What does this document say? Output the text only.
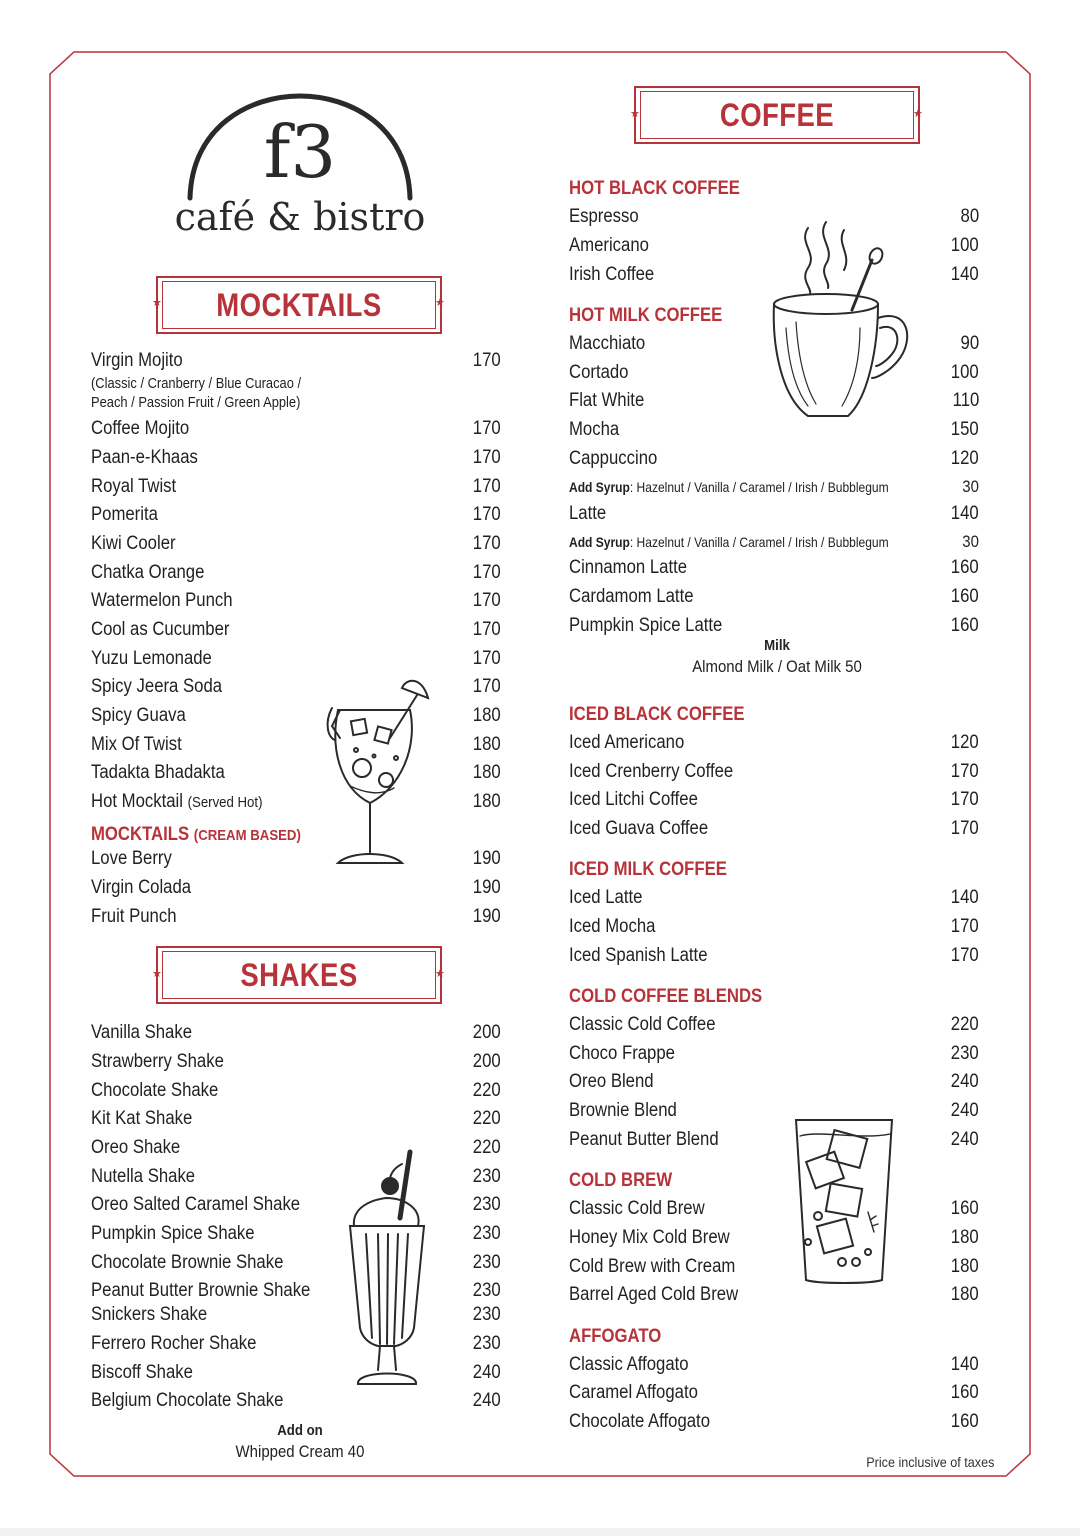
f3
café & bistro
★	★
MOCKTAILS
Virgin Mojito	170
(Classic / Cranberry / Blue Curacao /
Peach / Passion Fruit / Green Apple)
Coffee Mojito	170
Paan-e-Khaas	170
Royal Twist	170
Pomerita	170
Kiwi Cooler	170
Chatka Orange	170
Watermelon Punch	170
Cool as Cucumber	170
Yuzu Lemonade	170
Spicy Jeera Soda	170
Spicy Guava	180
Mix Of Twist	180
Tadakta Bhadakta	180
Hot Mocktail (Served Hot)	180
MOCKTAILS (CREAM BASED)
Love Berry	190
Virgin Colada	190
Fruit Punch	190
★	★
SHAKES
Vanilla Shake	200
Strawberry Shake	200
Chocolate Shake	220
Kit Kat Shake	220
Oreo Shake	220
Nutella Shake	230
Oreo Salted Caramel Shake	230
Pumpkin Spice Shake	230
Chocolate Brownie Shake	230
Peanut Butter Brownie Shake	230
Snickers Shake	230
Ferrero Rocher Shake	230
Biscoff Shake	240
Belgium Chocolate Shake	240
Add on
Whipped Cream 40
★	★
COFFEE
HOT BLACK COFFEE
Espresso	80
Americano	100
Irish Coffee	140
HOT MILK COFFEE
Macchiato	90
Cortado	100
Flat White	110
Mocha	150
Cappuccino	120
Add Syrup: Hazelnut / Vanilla / Caramel / Irish / Bubblegum	30
Latte	140
Add Syrup: Hazelnut / Vanilla / Caramel / Irish / Bubblegum	30
Cinnamon Latte	160
Cardamom Latte	160
Pumpkin Spice Latte	160
Milk
Almond Milk / Oat Milk 50
ICED BLACK COFFEE
Iced Americano	120
Iced Crenberry Coffee	170
Iced Litchi Coffee	170
Iced Guava Coffee	170
ICED MILK COFFEE
Iced Latte	140
Iced Mocha	170
Iced Spanish Latte	170
COLD COFFEE BLENDS
Classic Cold Coffee	220
Choco Frappe	230
Oreo Blend	240
Brownie Blend	240
Peanut Butter Blend	240
COLD BREW
Classic Cold Brew	160
Honey Mix Cold Brew	180
Cold Brew with Cream	180
Barrel Aged Cold Brew	180
AFFOGATO
Classic Affogato	140
Caramel Affogato	160
Chocolate Affogato	160
Price inclusive of taxes
